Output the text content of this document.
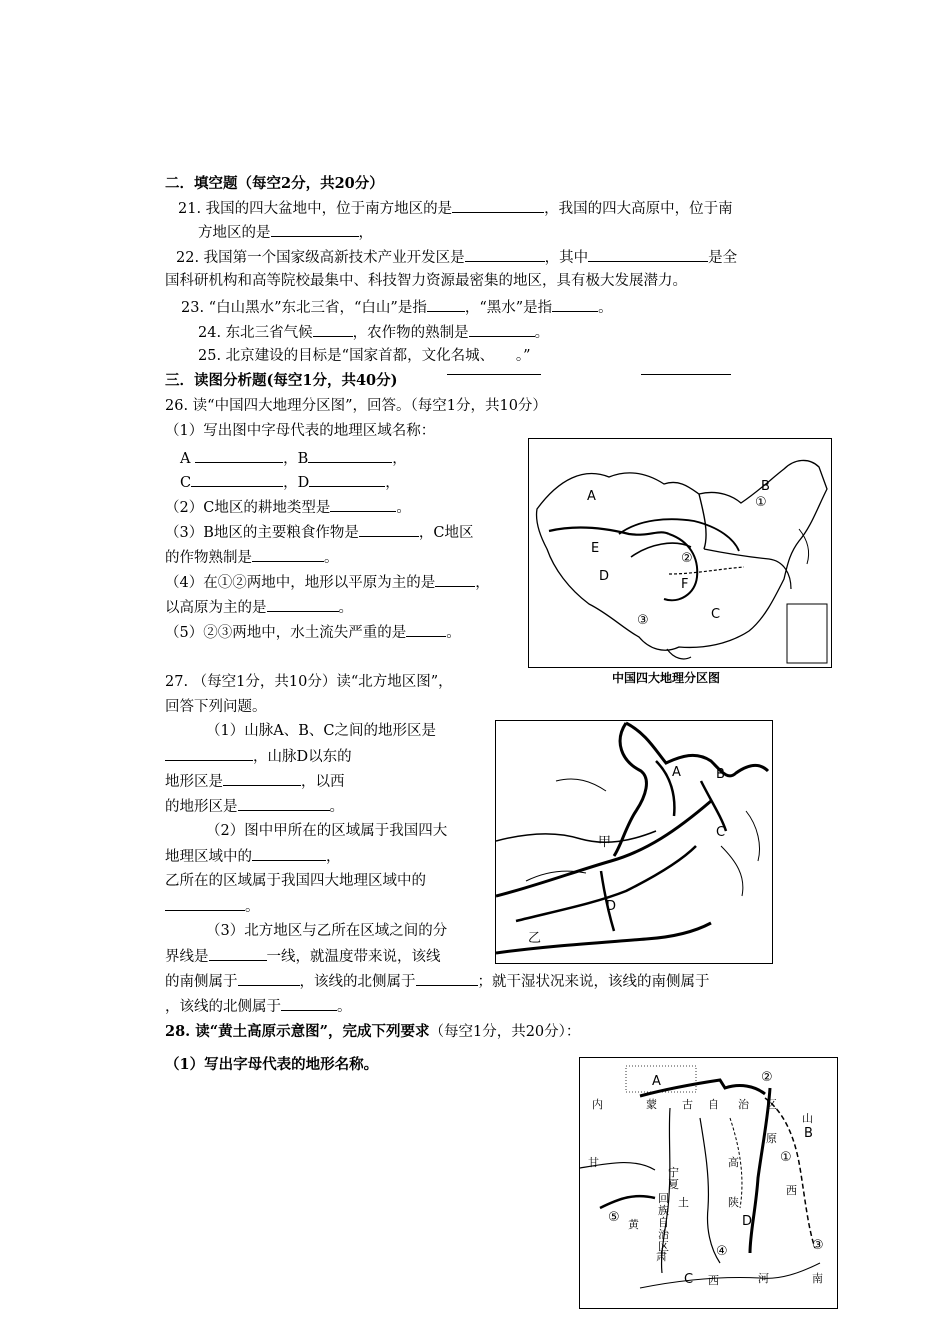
二．填空题（每空2分，共20分）
21. 我国的四大盆地中，位于南方地区的是	，我国的四大高原中，位于南
方地区的是	，
22. 我国第一个国家级高新技术产业开发区是	，其中	是全
国科研机构和高等院校最集中、科技智力资源最密集的地区，具有极大发展潜力。
23. “白山黑水”东北三省，“白山”是指	，“黑水”是指	。
24. 东北三省气候	，农作物的熟制是	。
25. 北京建设的目标是“国家首都，文化名城、　　。”
三．读图分析题(每空1分，共40分)
26. 读“中国四大地理分区图”，回答。（每空1分，共10分）
（1）写出图中字母代表的地理区域名称：
A	，B	，
C	，D	，
（2）C地区的耕地类型是	。
（3）B地区的主要粮食作物是	，C地区
的作物熟制是	。
（4）在①②两地中，地形以平原为主的是	，
以高原为主的是	。
（5）②③两地中，水土流失严重的是	。
A
B
①
E
②
D
F
③	C
中国四大地理分区图
27. （每空1分，共10分）读“北方地区图”，
回答下列问题。
（1）山脉A、B、C之间的地形区是
，山脉D以东的
地形区是	，以西
的地形区是	。
（2）图中甲所在的区域属于我国四大
地理区域中的	，
乙所在的区域属于我国四大地理区域中的
。
（3）北方地区与乙所在区域之间的分
界线是	一线，就温度带来说，该线
的南侧属于	，该线的北侧属于	；就干湿状况来说，该线的南侧属于
，该线的北侧属于	。
A	B
甲
C
D
乙
28. 读“黄土高原示意图”，完成下列要求（每空1分，共20分）：
（1）写出字母代表的地形名称。
②
A
内	蒙 古 自 治 区
山
B
原
①
甘
宁
夏
回
族
自
治
区
高
土	陕
西
D
⑤ 黄
肃	④
C 西	河	南
③
